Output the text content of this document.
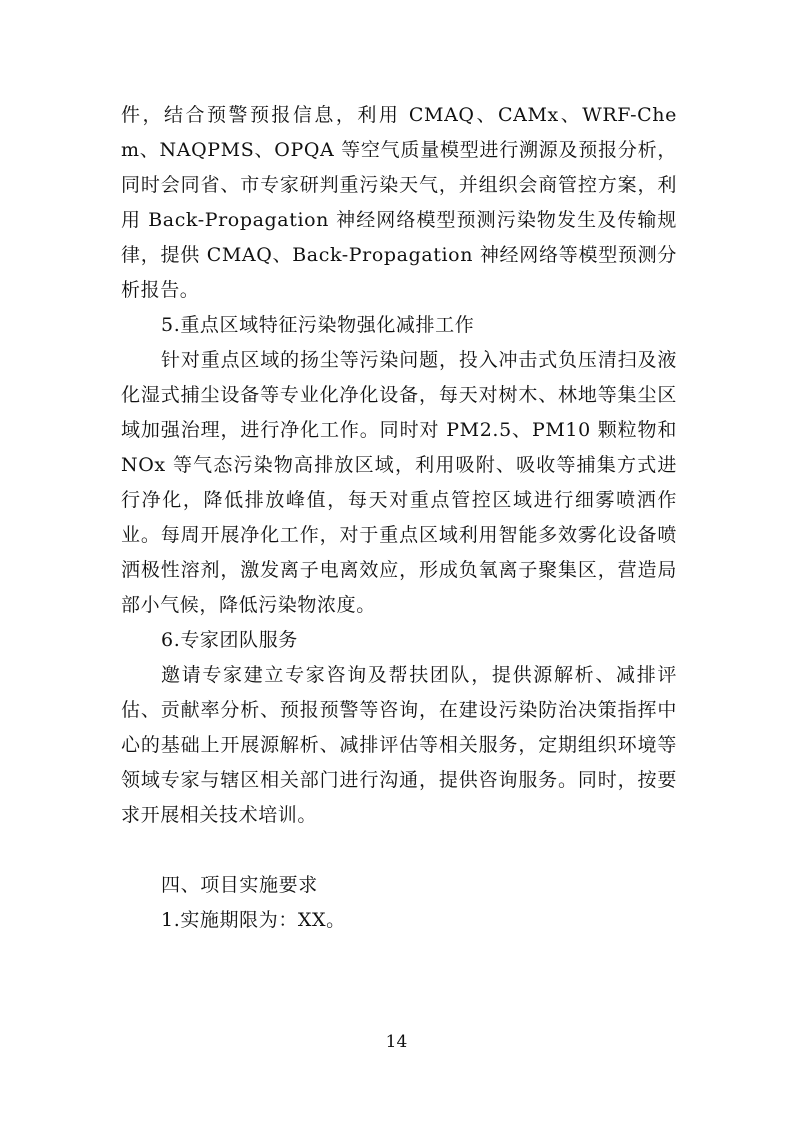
件，结合预警预报信息，利用 CMAQ、CAMx、WRF-Chem、NAQPMS、OPQA 等空气质量模型进行溯源及预报分析，同时会同省、市专家研判重污染天气，并组织会商管控方案，利用 Back-Propagation 神经网络模型预测污染物发生及传输规律，提供 CMAQ、Back-Propagation 神经网络等模型预测分析报告。

5.重点区域特征污染物强化减排工作

针对重点区域的扬尘等污染问题，投入冲击式负压清扫及液化湿式捕尘设备等专业化净化设备，每天对树木、林地等集尘区域加强治理，进行净化工作。同时对 PM2.5、PM10 颗粒物和 NOx 等气态污染物高排放区域，利用吸附、吸收等捕集方式进行净化，降低排放峰值，每天对重点管控区域进行细雾喷洒作业。每周开展净化工作，对于重点区域利用智能多效雾化设备喷洒极性溶剂，激发离子电离效应，形成负氧离子聚集区，营造局部小气候，降低污染物浓度。

6.专家团队服务

邀请专家建立专家咨询及帮扶团队，提供源解析、减排评估、贡献率分析、预报预警等咨询，在建设污染防治决策指挥中心的基础上开展源解析、减排评估等相关服务，定期组织环境等领域专家与辖区相关部门进行沟通，提供咨询服务。同时，按要求开展相关技术培训。

四、项目实施要求

1.实施期限为：XX。

14
